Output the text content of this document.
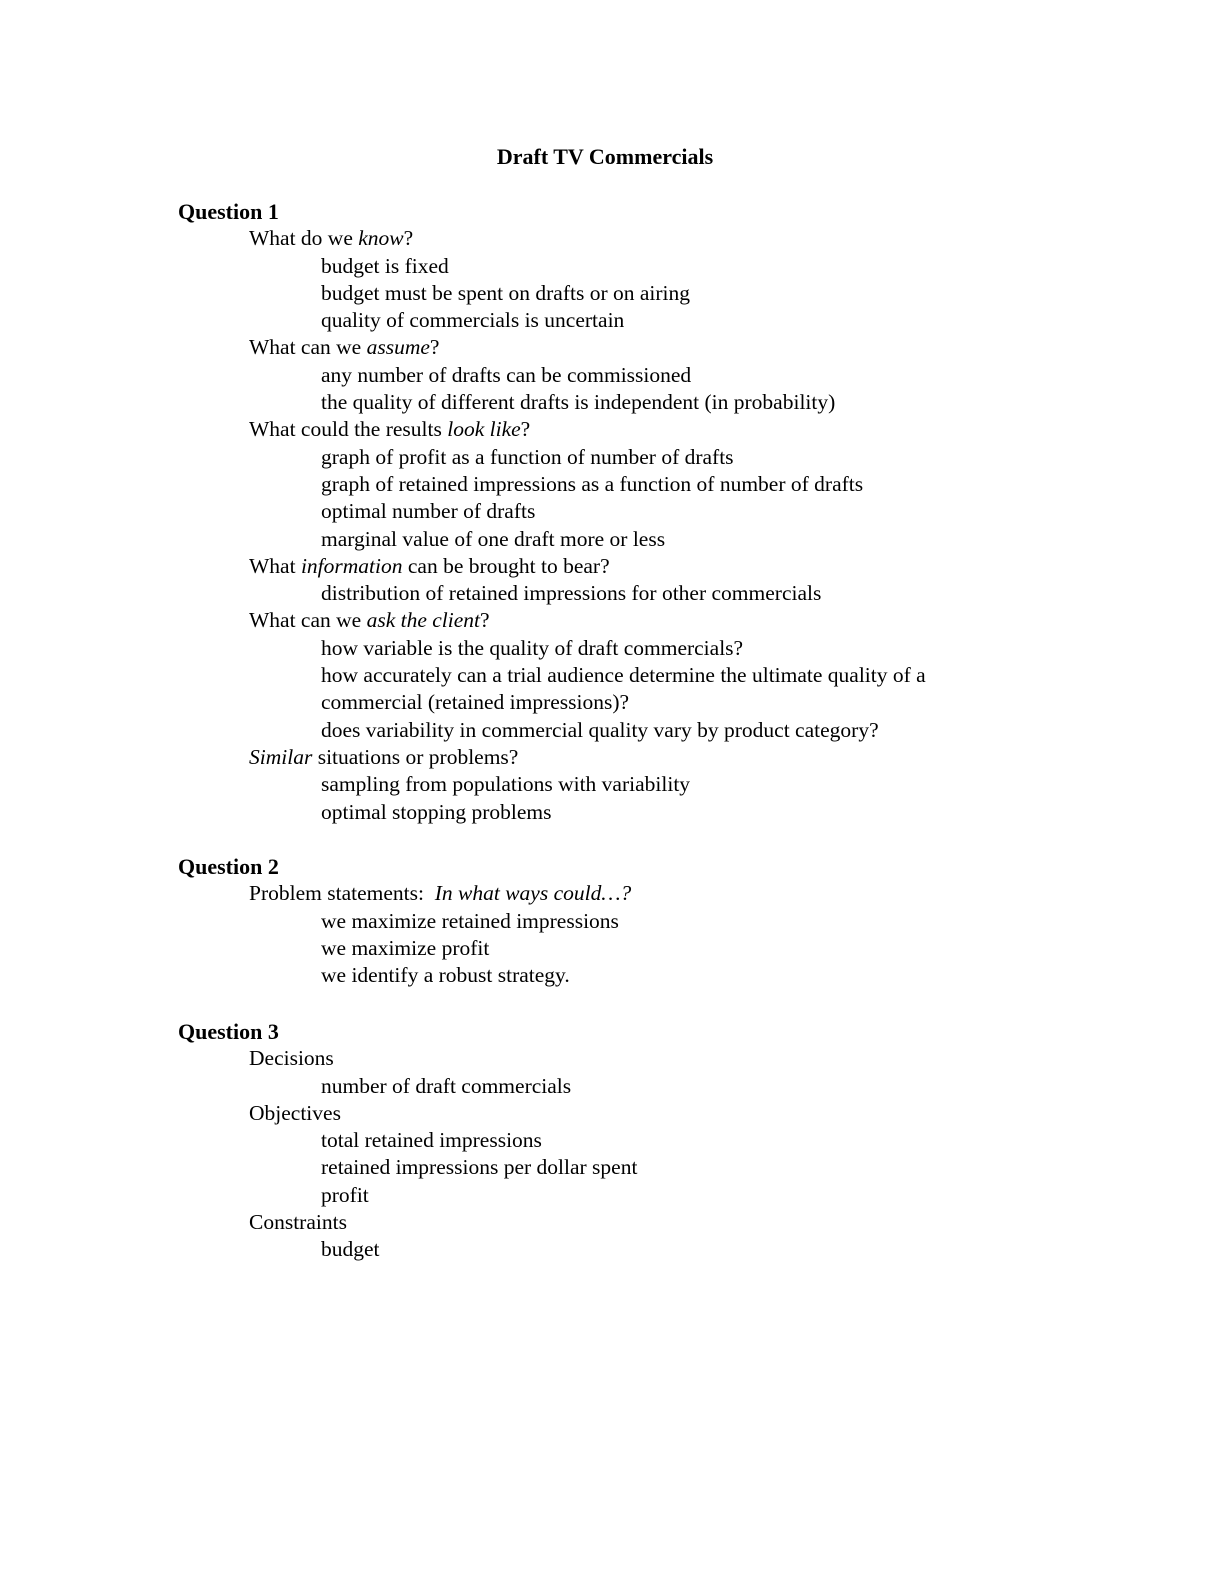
Draft TV Commercials
Question 1
What do we know?
budget is fixed
budget must be spent on drafts or on airing
quality of commercials is uncertain
What can we assume?
any number of drafts can be commissioned
the quality of different drafts is independent (in probability)
What could the results look like?
graph of profit as a function of number of drafts
graph of retained impressions as a function of number of drafts
optimal number of drafts
marginal value of one draft more or less
What information can be brought to bear?
distribution of retained impressions for other commercials
What can we ask the client?
how variable is the quality of draft commercials?
how accurately can a trial audience determine the ultimate quality of a
commercial (retained impressions)?
does variability in commercial quality vary by product category?
Similar situations or problems?
sampling from populations with variability
optimal stopping problems
Question 2
Problem statements:  In what ways could…?
we maximize retained impressions
we maximize profit
we identify a robust strategy.
Question 3
Decisions
number of draft commercials
Objectives
total retained impressions
retained impressions per dollar spent
profit
Constraints
budget
